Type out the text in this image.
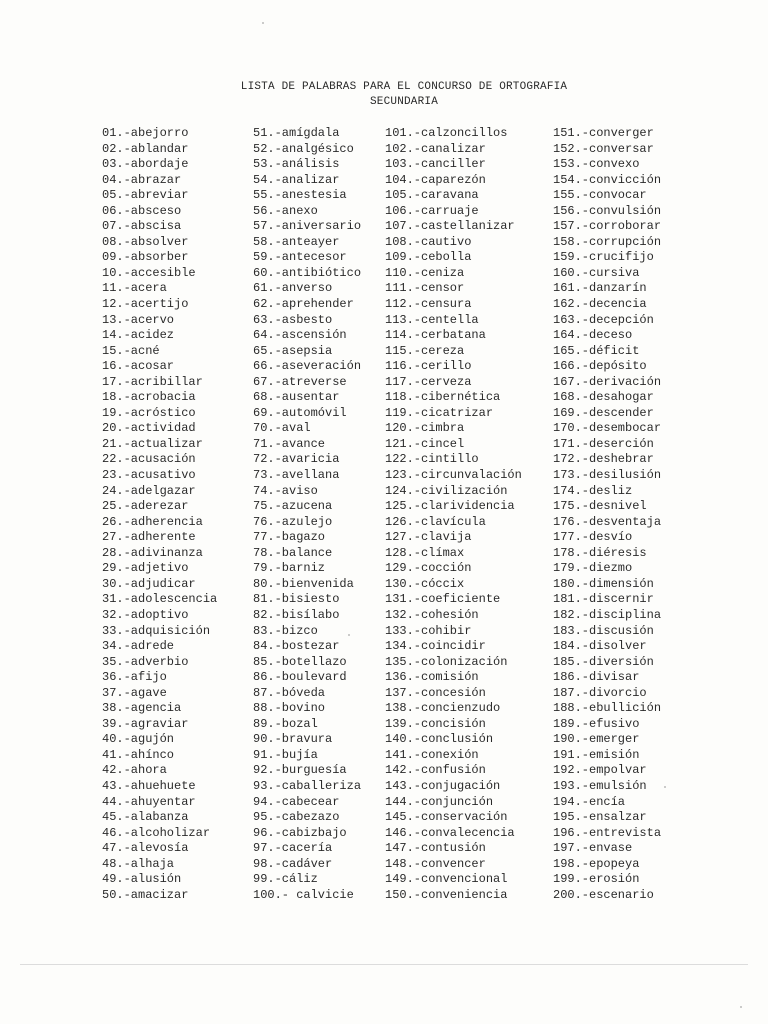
LISTA DE PALABRAS PARA EL CONCURSO DE ORTOGRAFIA
SECUNDARIA
01.-abejorro
02.-ablandar
03.-abordaje
04.-abrazar
05.-abreviar
06.-absceso
07.-abscisa
08.-absolver
09.-absorber
10.-accesible
11.-acera
12.-acertijo
13.-acervo
14.-acidez
15.-acné
16.-acosar
17.-acribillar
18.-acrobacia
19.-acróstico
20.-actividad
21.-actualizar
22.-acusación
23.-acusativo
24.-adelgazar
25.-aderezar
26.-adherencia
27.-adherente
28.-adivinanza
29.-adjetivo
30.-adjudicar
31.-adolescencia
32.-adoptivo
33.-adquisición
34.-adrede
35.-adverbio
36.-afijo
37.-agave
38.-agencia
39.-agraviar
40.-agujón
41.-ahínco
42.-ahora
43.-ahuehuete
44.-ahuyentar
45.-alabanza
46.-alcoholizar
47.-alevosía
48.-alhaja
49.-alusión
50.-amacizar
51.-amígdala
52.-analgésico
53.-análisis
54.-analizar
55.-anestesia
56.-anexo
57.-aniversario
58.-anteayer
59.-antecesor
60.-antibiótico
61.-anverso
62.-aprehender
63.-asbesto
64.-ascensión
65.-asepsia
66.-aseveración
67.-atreverse
68.-ausentar
69.-automóvil
70.-aval
71.-avance
72.-avaricia
73.-avellana
74.-aviso
75.-azucena
76.-azulejo
77.-bagazo
78.-balance
79.-barniz
80.-bienvenida
81.-bisiesto
82.-bisílabo
83.-bizco
84.-bostezar
85.-botellazo
86.-boulevard
87.-bóveda
88.-bovino
89.-bozal
90.-bravura
91.-bujía
92.-burguesía
93.-caballeriza
94.-cabecear
95.-cabezazo
96.-cabizbajo
97.-cacería
98.-cadáver
99.-cáliz
100.- calvicie
101.-calzoncillos
102.-canalizar
103.-canciller
104.-caparezón
105.-caravana
106.-carruaje
107.-castellanizar
108.-cautivo
109.-cebolla
110.-ceniza
111.-censor
112.-censura
113.-centella
114.-cerbatana
115.-cereza
116.-cerillo
117.-cerveza
118.-cibernética
119.-cicatrizar
120.-cimbra
121.-cincel
122.-cintillo
123.-circunvalación
124.-civilización
125.-clarividencia
126.-clavícula
127.-clavija
128.-clímax
129.-cocción
130.-cóccix
131.-coeficiente
132.-cohesión
133.-cohibir
134.-coincidir
135.-colonización
136.-comisión
137.-concesión
138.-concienzudo
139.-concisión
140.-conclusión
141.-conexión
142.-confusión
143.-conjugación
144.-conjunción
145.-conservación
146.-convalecencia
147.-contusión
148.-convencer
149.-convencional
150.-conveniencia
151.-converger
152.-conversar
153.-convexo
154.-convicción
155.-convocar
156.-convulsión
157.-corroborar
158.-corrupción
159.-crucifijo
160.-cursiva
161.-danzarín
162.-decencia
163.-decepción
164.-deceso
165.-déficit
166.-depósito
167.-derivación
168.-desahogar
169.-descender
170.-desembocar
171.-deserción
172.-deshebrar
173.-desilusión
174.-desliz
175.-desnivel
176.-desventaja
177.-desvío
178.-diéresis
179.-diezmo
180.-dimensión
181.-discernir
182.-disciplina
183.-discusión
184.-disolver
185.-diversión
186.-divisar
187.-divorcio
188.-ebullición
189.-efusivo
190.-emerger
191.-emisión
192.-empolvar
193.-emulsión
194.-encía
195.-ensalzar
196.-entrevista
197.-envase
198.-epopeya
199.-erosión
200.-escenario
